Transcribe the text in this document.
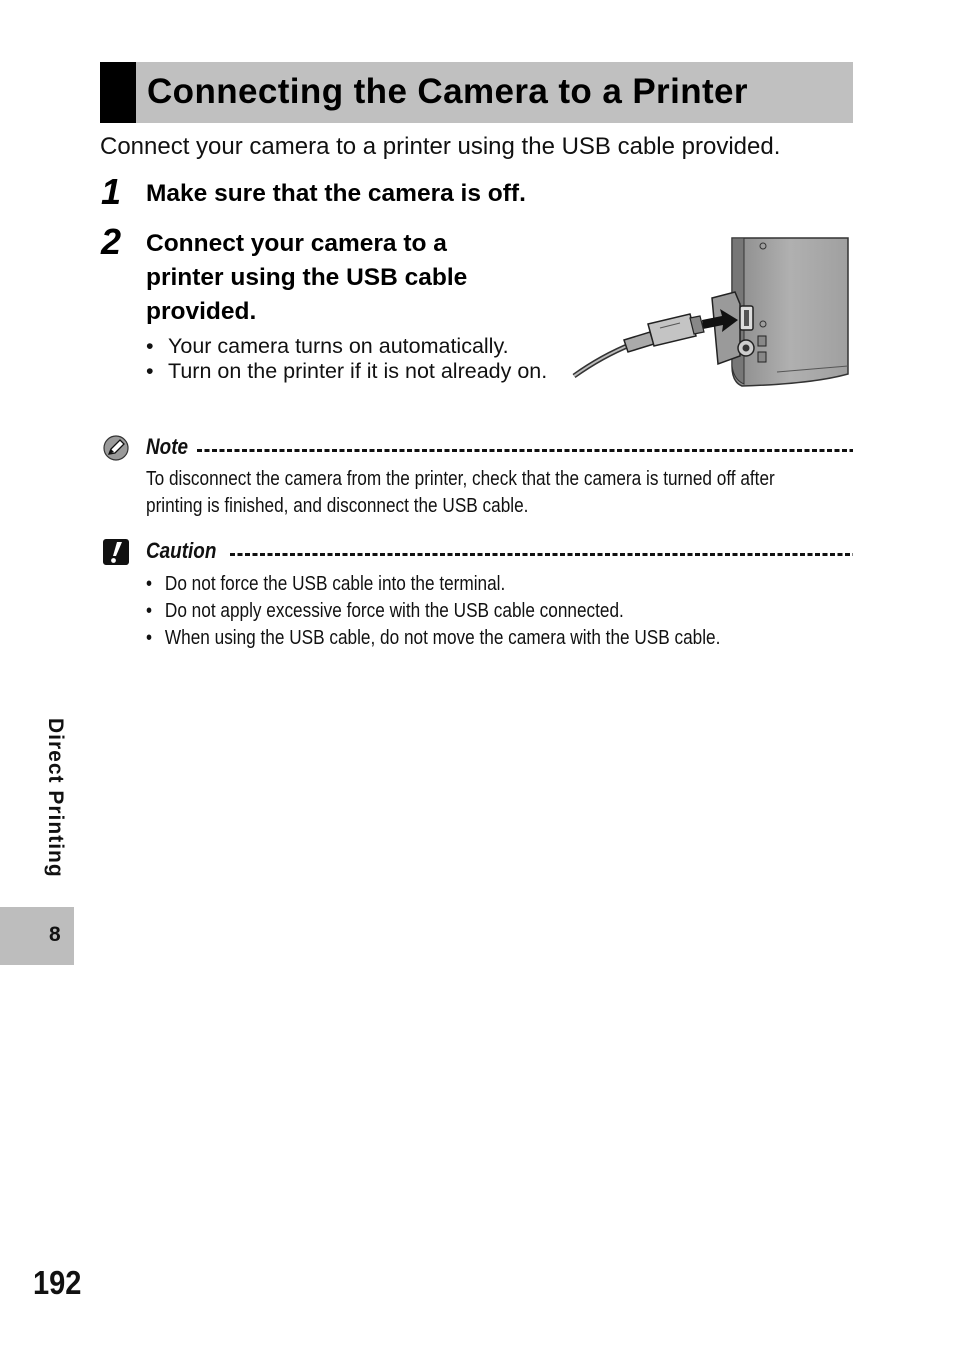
Connecting the Camera to a Printer
Connect your camera to a printer using the USB cable provided.
1 Make sure that the camera is off.
2 Connect your camera to a
printer using the USB cable
provided.
• Your camera turns on automatically.
• Turn on the printer if it is not already on.
Note
To disconnect the camera from the printer, check that the camera is turned off after
printing is finished, and disconnect the USB cable.
Caution
• Do not force the USB cable into the terminal.
• Do not apply excessive force with the USB cable connected.
• When using the USB cable, do not move the camera with the USB cable.
Direct Printing
8
192
